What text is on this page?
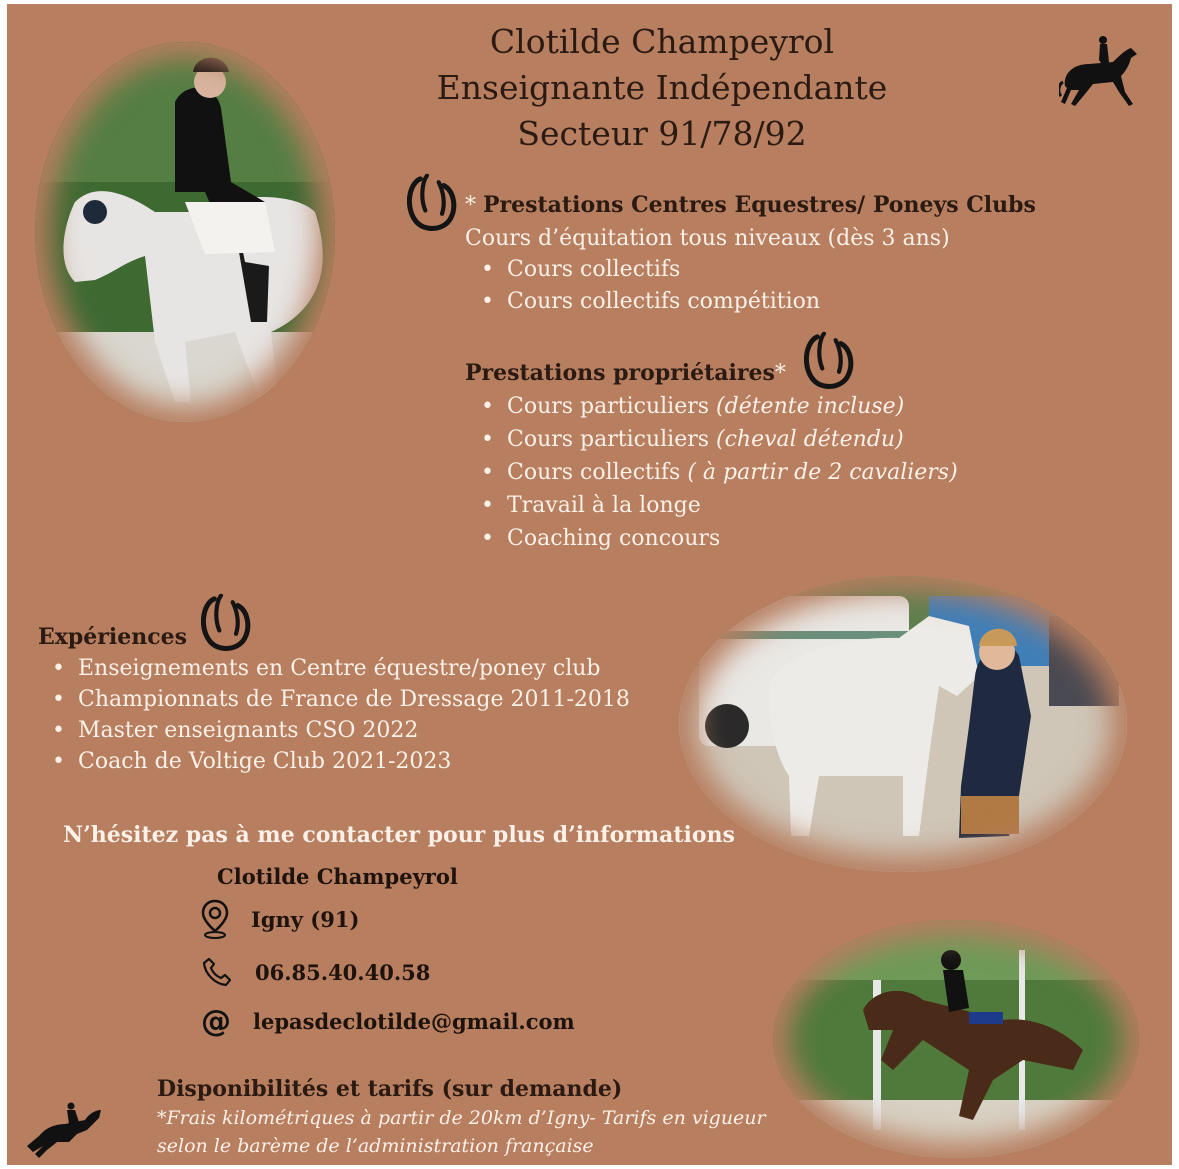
Clotilde Champeyrol
Enseignante Indépendante
Secteur 91/78/92
* Prestations Centres Equestres/ Poneys Clubs
Cours d’équitation tous niveaux (dès 3 ans)
• Cours collectifs
• Cours collectifs compétition
Prestations propriétaires*
• Cours particuliers (détente incluse)
• Cours particuliers (cheval détendu)
• Cours collectifs ( à partir de 2 cavaliers)
• Travail à la longe
• Coaching concours
Expériences
• Enseignements en Centre équestre/poney club
• Championnats de France de Dressage 2011-2018
• Master enseignants CSO 2022
• Coach de Voltige Club 2021-2023
N’hésitez pas à me contacter pour plus d’informations
Clotilde Champeyrol
Igny (91)
06.85.40.40.58
@ lepasdeclotilde@gmail.com
Disponibilités et tarifs (sur demande)
*Frais kilométriques à partir de 20km d’Igny- Tarifs en vigueur
selon le barème de l’administration française
